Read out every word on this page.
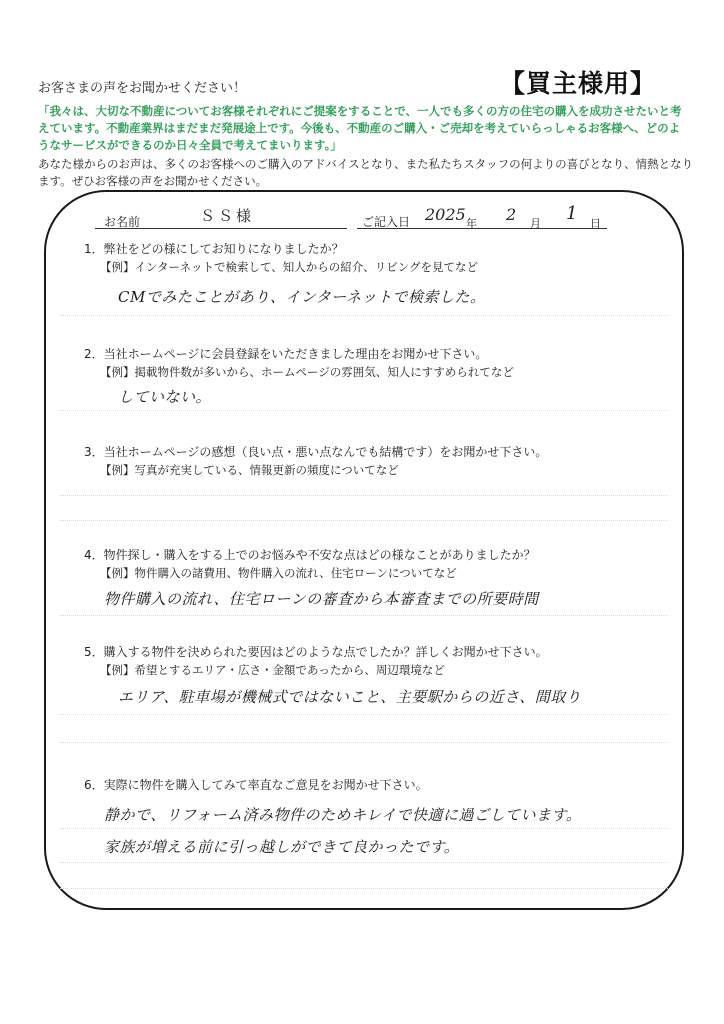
お客さまの声をお聞かせください！	【買主様用】
「我々は、大切な不動産についてお客様それぞれにご提案をすることで、一人でも多くの方の住宅の購入を成功させたいと考えています。不動産業界はまだまだ発展途上です。今後も、不動産のご購入・ご売却を考えていらっしゃるお客様へ、どのようなサービスができるのか日々全員で考えてまいります。」
あなた様からのお声は、多くのお客様へのご購入のアドバイスとなり、また私たちスタッフの何よりの喜びとなり、情熱となります。ぜひお客様の声をお聞かせください。
お名前	ＳＳ様	ご記入日 2025 年 2 月 1 日
1．弊社をどの様にしてお知りになりましたか？
【例】インターネットで検索して、知人からの紹介、リビングを見てなど
CMでみたことがあり、インターネットで検索した。
2．当社ホームページに会員登録をいただきました理由をお聞かせ下さい。
【例】掲載物件数が多いから、ホームページの雰囲気、知人にすすめられてなど
していない。
3．当社ホームページの感想（良い点・悪い点なんでも結構です）をお聞かせ下さい。
【例】写真が充実している、情報更新の頻度についてなど
4．物件探し・購入をする上でのお悩みや不安な点はどの様なことがありましたか？
【例】物件購入の諸費用、物件購入の流れ、住宅ローンについてなど
物件購入の流れ、住宅ローンの審査から本審査までの所要時間
5．購入する物件を決められた要因はどのような点でしたか？詳しくお聞かせ下さい。
【例】希望とするエリア・広さ・金額であったから、周辺環境など
エリア、駐車場が機械式ではないこと、主要駅からの近さ、間取り
6．実際に物件を購入してみて率直なご意見をお聞かせ下さい。
静かで、リフォーム済み物件のためキレイで快適に過ごしています。
家族が増える前に引っ越しができて良かったです。
